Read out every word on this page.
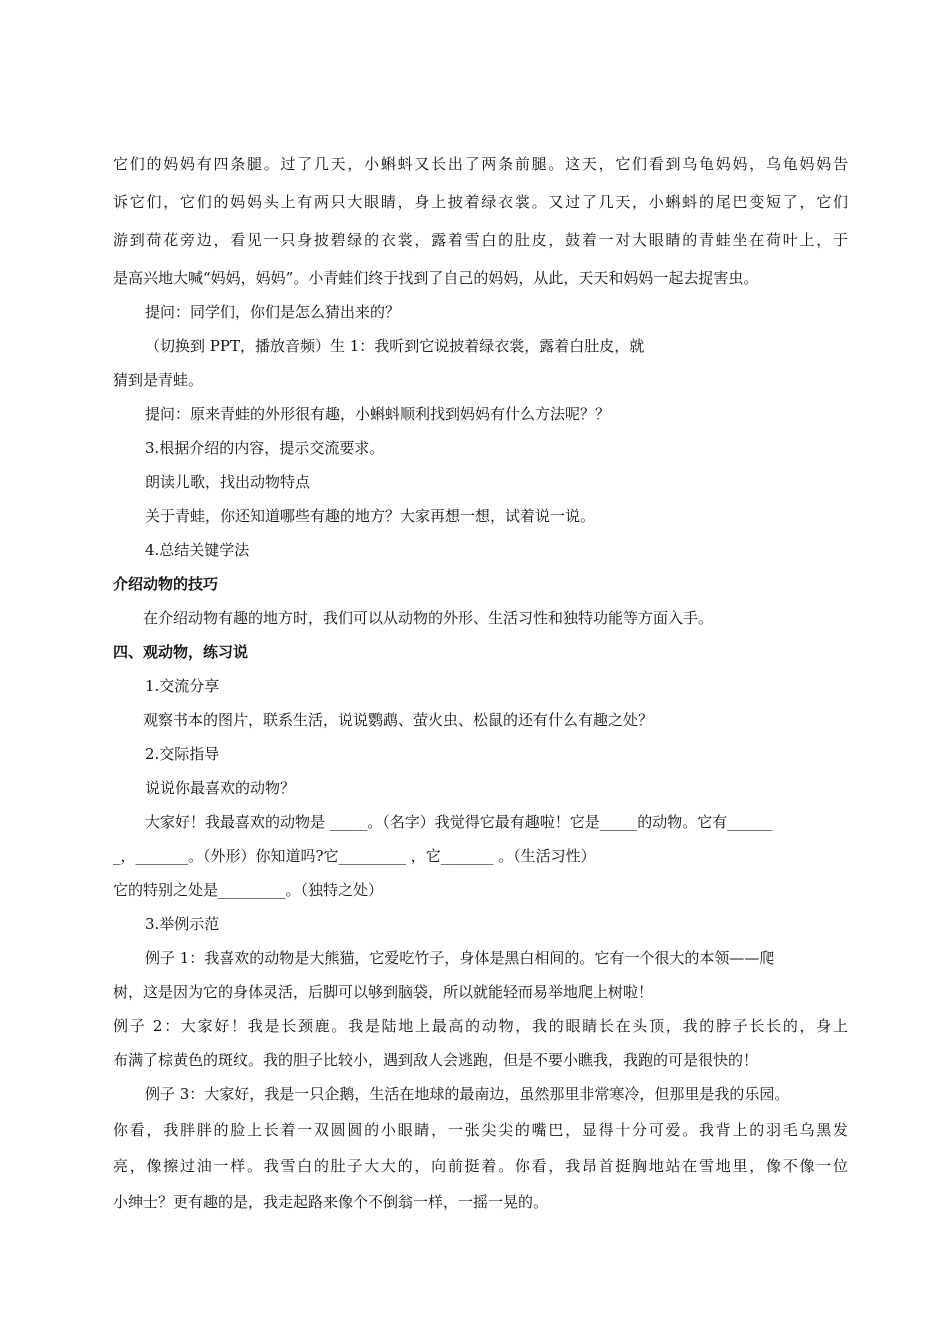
它们的妈妈有四条腿。过了几天，小蝌蚪又长出了两条前腿。这天，它们看到乌龟妈妈，乌龟妈妈告
诉它们，它们的妈妈头上有两只大眼睛，身上披着绿衣裳。又过了几天，小蝌蚪的尾巴变短了，它们
游到荷花旁边，看见一只身披碧绿的衣裳，露着雪白的肚皮，鼓着一对大眼睛的青蛙坐在荷叶上，于
是高兴地大喊“妈妈，妈妈”。小青蛙们终于找到了自己的妈妈，从此，天天和妈妈一起去捉害虫。
提问：同学们，你们是怎么猜出来的？
（切换到 PPT，播放音频）生 1：我听到它说披着绿衣裳，露着白肚皮，就
猜到是青蛙。
提问：原来青蛙的外形很有趣，小蝌蚪顺利找到妈妈有什么方法呢？？
3.根据介绍的内容，提示交流要求。
朗读儿歌，找出动物特点
关于青蛙，你还知道哪些有趣的地方？大家再想一想，试着说一说。
4.总结关键学法
介绍动物的技巧
在介绍动物有趣的地方时，我们可以从动物的外形、生活习性和独特功能等方面入手。
四、观动物，练习说
1.交流分享
观察书本的图片，联系生活，说说鹦鹉、萤火虫、松鼠的还有什么有趣之处？
2.交际指导
说说你最喜欢的动物？
大家好！我最喜欢的动物是 _____。（名字）我觉得它最有趣啦！它是_____的动物。它有______
_，_______。（外形）你知道吗?它_________ ，它_______ 。（生活习性）
它的特别之处是_________。（独特之处）
3.举例示范
例子 1：我喜欢的动物是大熊猫，它爱吃竹子，身体是黑白相间的。它有一个很大的本领——爬
树，这是因为它的身体灵活，后脚可以够到脑袋，所以就能轻而易举地爬上树啦！
例子 2：大家好！我是长颈鹿。我是陆地上最高的动物，我的眼睛长在头顶，我的脖子长长的，身上
布满了棕黄色的斑纹。我的胆子比较小，遇到敌人会逃跑，但是不要小瞧我，我跑的可是很快的！
例子 3：大家好，我是一只企鹅，生活在地球的最南边，虽然那里非常寒冷，但那里是我的乐园。
你看，我胖胖的脸上长着一双圆圆的小眼睛，一张尖尖的嘴巴，显得十分可爱。我背上的羽毛乌黑发
亮，像擦过油一样。我雪白的肚子大大的，向前挺着。你看，我昂首挺胸地站在雪地里，像不像一位
小绅士？更有趣的是，我走起路来像个不倒翁一样，一摇一晃的。
